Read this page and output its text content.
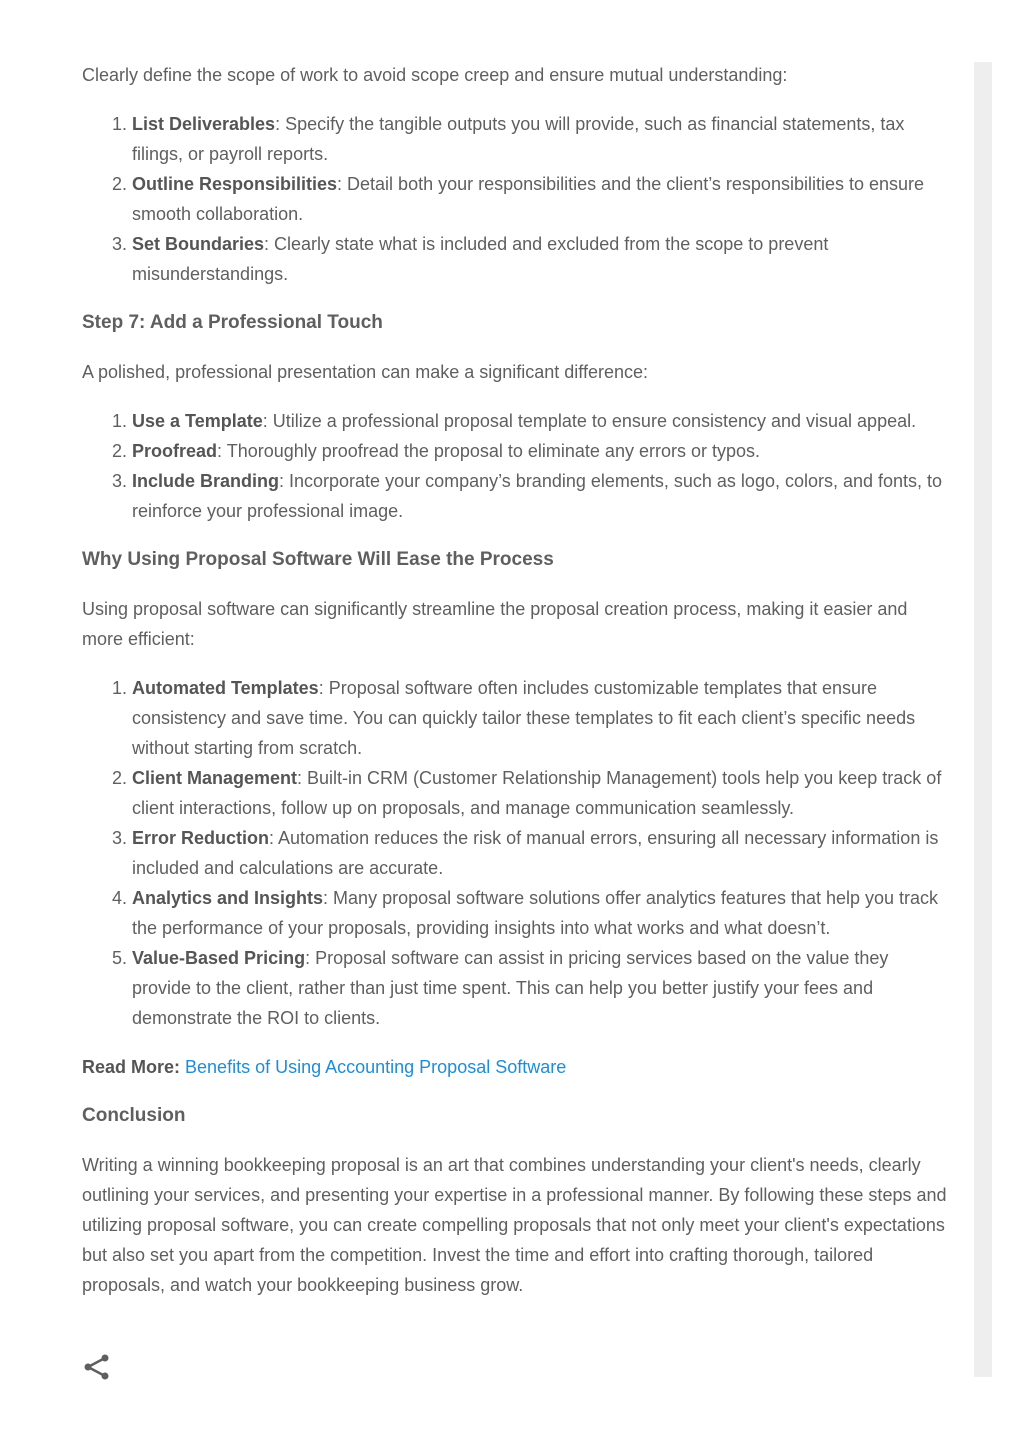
Clearly define the scope of work to avoid scope creep and ensure mutual understanding:

1. List Deliverables: Specify the tangible outputs you will provide, such as financial statements, tax filings, or payroll reports.
2. Outline Responsibilities: Detail both your responsibilities and the client’s responsibilities to ensure smooth collaboration.
3. Set Boundaries: Clearly state what is included and excluded from the scope to prevent misunderstandings.
Step 7: Add a Professional Touch

A polished, professional presentation can make a significant difference:

1. Use a Template: Utilize a professional proposal template to ensure consistency and visual appeal.
2. Proofread: Thoroughly proofread the proposal to eliminate any errors or typos.
3. Include Branding: Incorporate your company’s branding elements, such as logo, colors, and fonts, to reinforce your professional image.
Why Using Proposal Software Will Ease the Process

Using proposal software can significantly streamline the proposal creation process, making it easier and more efficient:

1. Automated Templates: Proposal software often includes customizable templates that ensure consistency and save time. You can quickly tailor these templates to fit each client’s specific needs without starting from scratch.
2. Client Management: Built-in CRM (Customer Relationship Management) tools help you keep track of client interactions, follow up on proposals, and manage communication seamlessly.
3. Error Reduction: Automation reduces the risk of manual errors, ensuring all necessary information is included and calculations are accurate.
4. Analytics and Insights: Many proposal software solutions offer analytics features that help you track the performance of your proposals, providing insights into what works and what doesn’t.
5. Value-Based Pricing: Proposal software can assist in pricing services based on the value they provide to the client, rather than just time spent. This can help you better justify your fees and demonstrate the ROI to clients.

Read More: Benefits of Using Accounting Proposal Software

Conclusion

Writing a winning bookkeeping proposal is an art that combines understanding your client's needs, clearly outlining your services, and presenting your expertise in a professional manner. By following these steps and utilizing proposal software, you can create compelling proposals that not only meet your client's expectations but also set you apart from the competition. Invest the time and effort into crafting thorough, tailored proposals, and watch your bookkeeping business grow.
